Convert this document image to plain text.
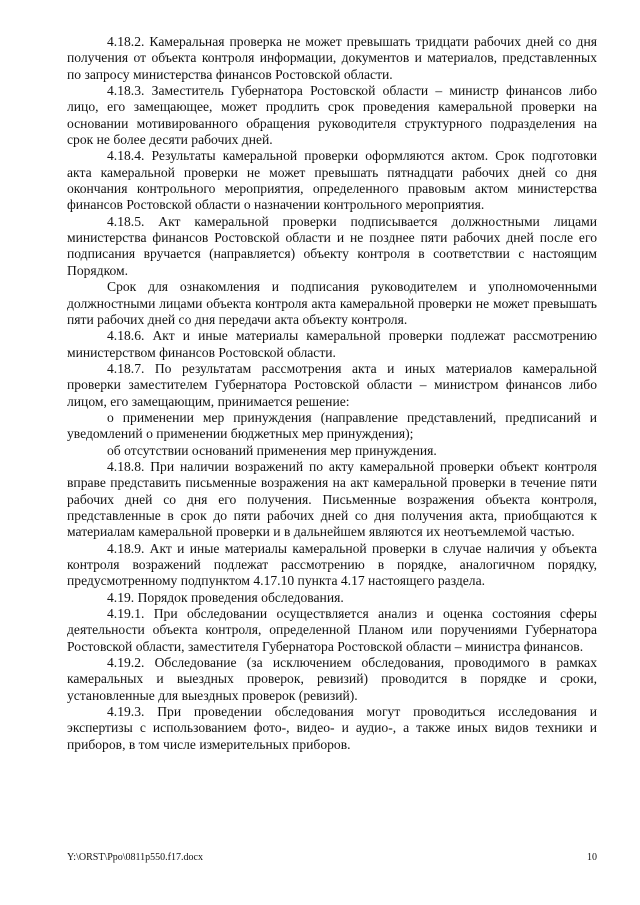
4.18.2. Камеральная проверка не может превышать тридцати рабочих дней со дня получения от объекта контроля информации, документов и материалов, представленных по запросу министерства финансов Ростовской области.

4.18.3. Заместитель Губернатора Ростовской области – министр финансов либо лицо, его замещающее, может продлить срок проведения камеральной проверки на основании мотивированного обращения руководителя структурного подразделения на срок не более десяти рабочих дней.

4.18.4. Результаты камеральной проверки оформляются актом. Срок подготовки акта камеральной проверки не может превышать пятнадцати рабочих дней со дня окончания контрольного мероприятия, определенного правовым актом министерства финансов Ростовской области о назначении контрольного мероприятия.

4.18.5. Акт камеральной проверки подписывается должностными лицами министерства финансов Ростовской области и не позднее пяти рабочих дней после его подписания вручается (направляется) объекту контроля в соответствии с настоящим Порядком.

Срок для ознакомления и подписания руководителем и уполномоченными должностными лицами объекта контроля акта камеральной проверки не может превышать пяти рабочих дней со дня передачи акта объекту контроля.

4.18.6. Акт и иные материалы камеральной проверки подлежат рассмотрению министерством финансов Ростовской области.

4.18.7. По результатам рассмотрения акта и иных материалов камеральной проверки заместителем Губернатора Ростовской области – министром финансов либо лицом, его замещающим, принимается решение:

о применении мер принуждения (направление представлений, предписаний и уведомлений о применении бюджетных мер принуждения);

об отсутствии оснований применения мер принуждения.

4.18.8. При наличии возражений по акту камеральной проверки объект контроля вправе представить письменные возражения на акт камеральной проверки в течение пяти рабочих дней со дня его получения. Письменные возражения объекта контроля, представленные в срок до пяти рабочих дней со дня получения акта, приобщаются к материалам камеральной проверки и в дальнейшем являются их неотъемлемой частью.

4.18.9. Акт и иные материалы камеральной проверки в случае наличия у объекта контроля возражений подлежат рассмотрению в порядке, аналогичном порядку, предусмотренному подпунктом 4.17.10 пункта 4.17 настоящего раздела.

4.19. Порядок проведения обследования.

4.19.1. При обследовании осуществляется анализ и оценка состояния сферы деятельности объекта контроля, определенной Планом или поручениями Губернатора Ростовской области, заместителя Губернатора Ростовской области – министра финансов.

4.19.2. Обследование (за исключением обследования, проводимого в рамках камеральных и выездных проверок, ревизий) проводится в порядке и сроки, установленные для выездных проверок (ревизий).

4.19.3. При проведении обследования могут проводиться исследования и экспертизы с использованием фото-, видео- и аудио-, а также иных видов техники и приборов, в том числе измерительных приборов.

Y:\ORST\Ppo\0811p550.f17.docx	10
